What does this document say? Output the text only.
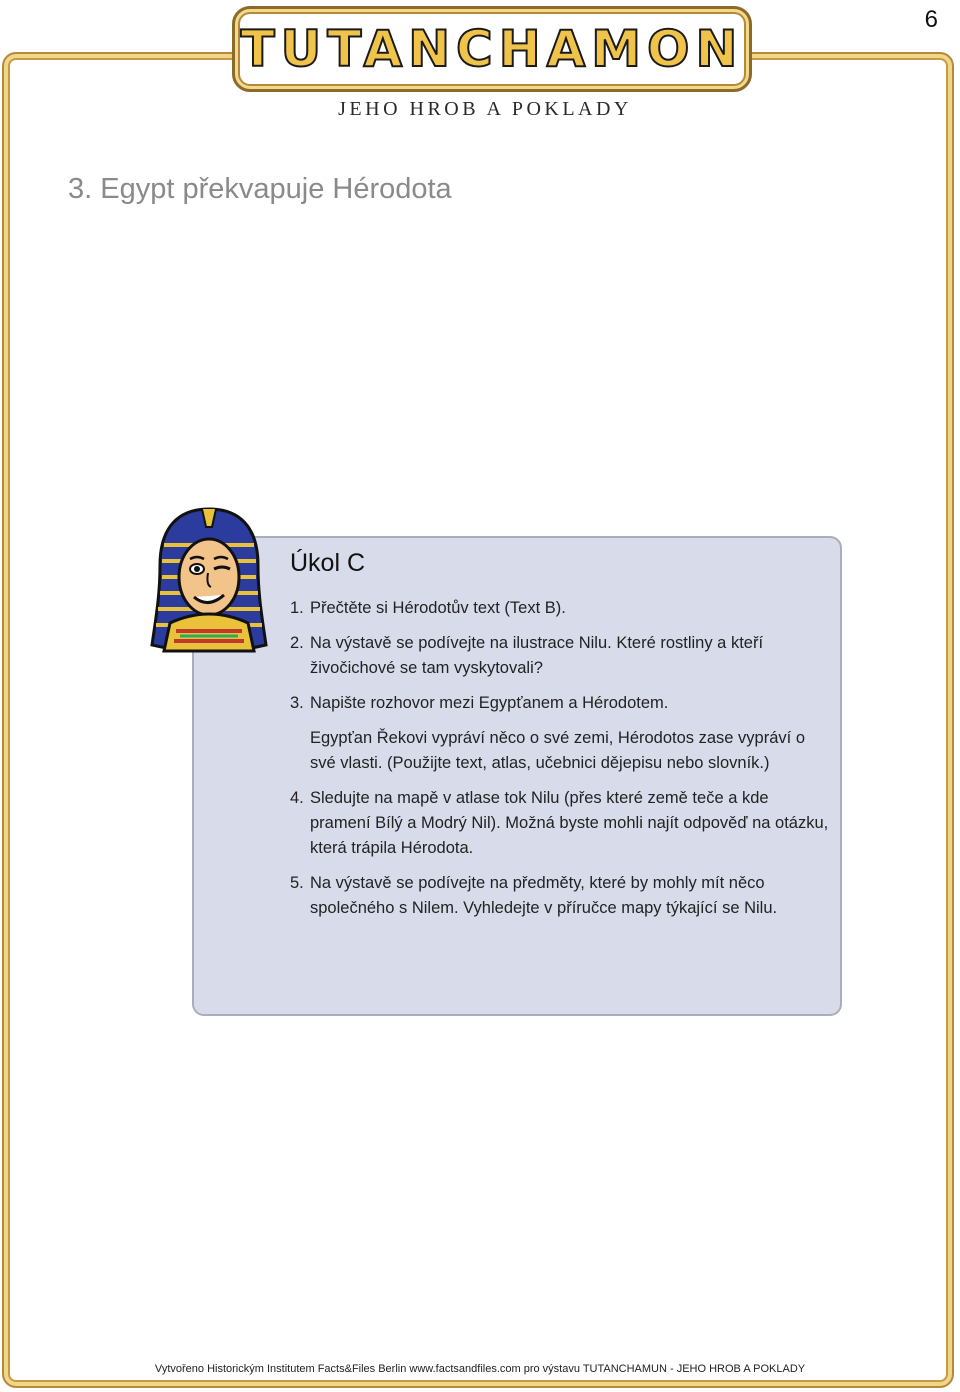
6
TUTANCHAMON
JEHO HROB A POKLADY
3. Egypt překvapuje Hérodota
Úkol C
1. Přečtěte si Hérodotův text (Text B).
2. Na výstavě se podívejte na ilustrace Nilu. Které rostliny a kteří živočichové se tam vyskytovali?
3. Napište rozhovor mezi Egypťanem a Hérodotem.
Egypťan Řekovi vypráví něco o své zemi, Hérodotos zase vypráví o své vlasti. (Použijte text, atlas, učebnici dějepisu nebo slovník.)
4. Sledujte na mapě v atlase tok Nilu (přes které země teče a kde pramení Bílý a Modrý Nil). Možná byste mohli najít odpověď na otázku, která trápila Hérodota.
5. Na výstavě se podívejte na předměty, které by mohly mít něco společného s Nilem. Vyhledejte v příručce mapy týkající se Nilu.
Vytvořeno Historickým Institutem Facts&Files Berlin www.factsandfiles.com pro výstavu TUTANCHAMUN - JEHO HROB A POKLADY
